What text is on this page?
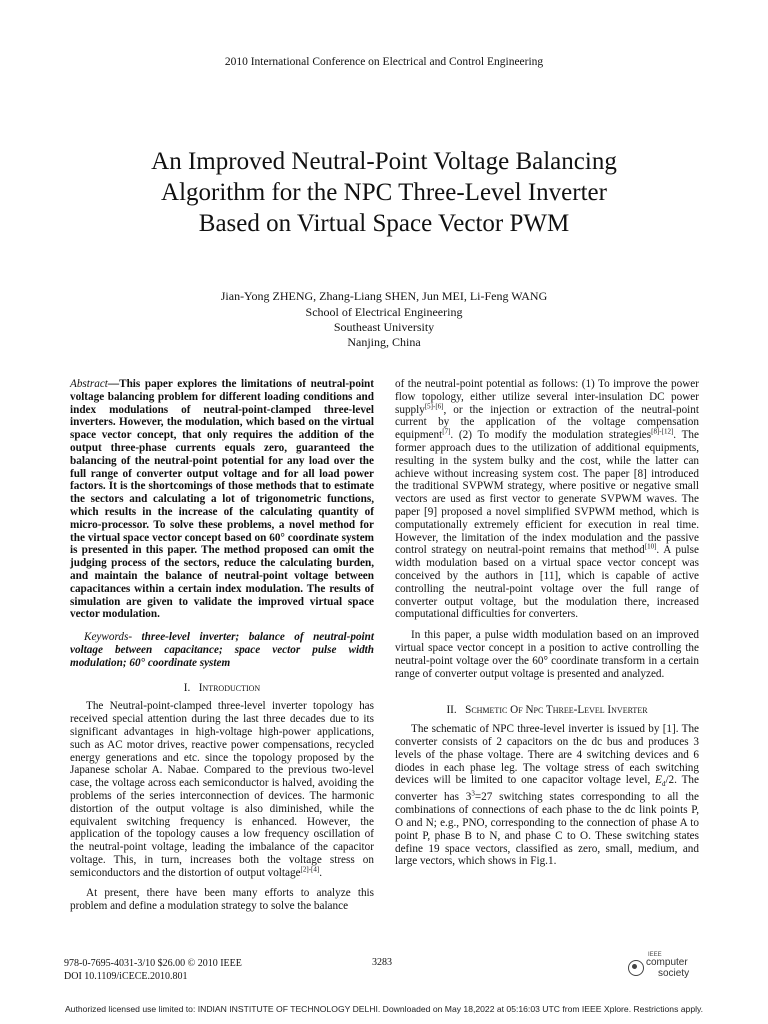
2010 International Conference on Electrical and Control Engineering
An Improved Neutral-Point Voltage Balancing
Algorithm for the NPC Three-Level Inverter
Based on Virtual Space Vector PWM
Jian-Yong ZHENG, Zhang-Liang SHEN, Jun MEI, Li-Feng WANG
School of Electrical Engineering
Southeast University
Nanjing, China

Abstract—This paper explores the limitations of neutral-point voltage balancing problem for different loading conditions and index modulations of neutral-point-clamped three-level inverters. However, the modulation, which based on the virtual space vector concept, that only requires the addition of the output three-phase currents equals zero, guaranteed the balancing of the neutral-point potential for any load over the full range of converter output voltage and for all load power factors. It is the shortcomings of those methods that to estimate the sectors and calculating a lot of trigonometric functions, which results in the increase of the calculating quantity of micro-processor. To solve these problems, a novel method for the virtual space vector concept based on 60° coordinate system is presented in this paper. The method proposed can omit the judging process of the sectors, reduce the calculating burden, and maintain the balance of neutral-point voltage between capacitances within a certain index modulation. The results of simulation are given to validate the improved virtual space vector modulation.

Keywords- three-level inverter; balance of neutral-point voltage between capacitance; space vector pulse width modulation; 60° coordinate system

I. Introduction

The Neutral-point-clamped three-level inverter topology has received special attention during the last three decades due to its significant advantages in high-voltage high-power applications, such as AC motor drives, reactive power compensations, recycled energy generations and etc. since the topology proposed by the Japanese scholar A. Nabae. Compared to the previous two-level case, the voltage across each semiconductor is halved, avoiding the problems of the series interconnection of devices. The harmonic distortion of the output voltage is also diminished, while the equivalent switching frequency is enhanced. However, the application of the topology causes a low frequency oscillation of the neutral-point voltage, leading the imbalance of the capacitor voltage. This, in turn, increases both the voltage stress on semiconductors and the distortion of output voltage[2]-[4].

At present, there have been many efforts to analyze this problem and define a modulation strategy to solve the balance

of the neutral-point potential as follows: (1) To improve the power flow topology, either utilize several inter-insulation DC power supply[5]-[6], or the injection or extraction of the neutral-point current by the application of the voltage compensation equipment[7]. (2) To modify the modulation strategies[8]-[12]. The former approach dues to the utilization of additional equipments, resulting in the system bulky and the cost, while the latter can achieve without increasing system cost. The paper [8] introduced the traditional SVPWM strategy, where positive or negative small vectors are used as first vector to generate SVPWM waves. The paper [9] proposed a novel simplified SVPWM method, which is computationally extremely efficient for execution in real time. However, the limitation of the index modulation and the passive control strategy on neutral-point remains that method[10]. A pulse width modulation based on a virtual space vector concept was conceived by the authors in [11], which is capable of active controlling the neutral-point voltage over the full range of converter output voltage, but the modulation there, increased computational difficulties for converters.

In this paper, a pulse width modulation based on an improved virtual space vector concept in a position to active controlling the neutral-point voltage over the 60° coordinate transform in a certain range of converter output voltage is presented and analyzed.

II. Schmetic Of Npc Three-Level Inverter

The schematic of NPC three-level inverter is issued by [1]. The converter consists of 2 capacitors on the dc bus and produces 3 levels of the phase voltage. There are 4 switching devices and 6 diodes in each phase leg. The voltage stress of each switching devices will be limited to one capacitor voltage level, $E_d/2$. The converter has $3^3=27$ switching states corresponding to all the combinations of connections of each phase to the dc link points P, O and N; e.g., PNO, corresponding to the connection of phase A to point P, phase B to N, and phase C to O. These switching states define 19 space vectors, classified as zero, small, medium, and large vectors, which shows in Fig.1.

978-0-7695-4031-3/10 $26.00 © 2010 IEEE
DOI 10.1109/iCECE.2010.801
3283
IEEE
computer
society
Authorized licensed use limited to: INDIAN INSTITUTE OF TECHNOLOGY DELHI. Downloaded on May 18,2022 at 05:16:03 UTC from IEEE Xplore. Restrictions apply.
